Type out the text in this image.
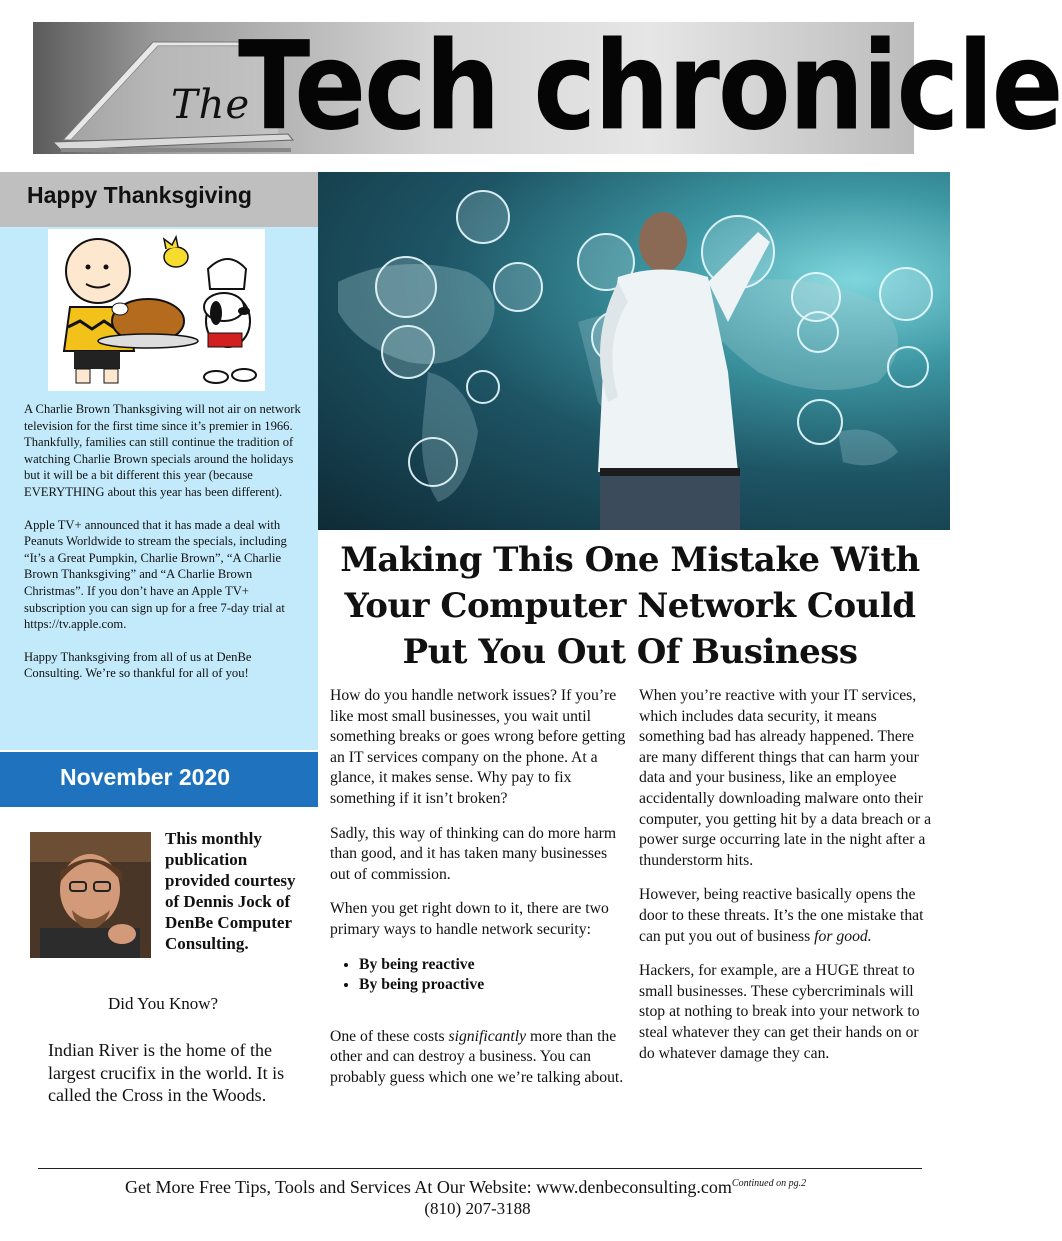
The
Tech chronicle
Happy Thanksgiving

A Charlie Brown Thanksgiving will not air on network television for the first time since it’s premier in 1966. Thankfully, families can still continue the tradition of watching Charlie Brown specials around the holidays but it will be a bit different this year (because EVERYTHING about this year has been different).

Apple TV+ announced that it has made a deal with Peanuts Worldwide to stream the specials, including “It’s a Great Pumpkin, Charlie Brown”, “A Charlie Brown Thanksgiving” and “A Charlie Brown Christmas”. If you don’t have an Apple TV+ subscription you can sign up for a free 7-day trial at https://tv.apple.com.

Happy Thanksgiving from all of us at DenBe Consulting. We’re so thankful for all of you!

November 2020
This monthly publication provided courtesy of Dennis Jock of DenBe Computer Consulting.
Did You Know?
Indian River is the home of the largest crucifix in the world. It is called the Cross in the Woods.
Making This One Mistake With Your Computer Network Could Put You Out Of Business

How do you handle network issues? If you’re like most small businesses, you wait until something breaks or goes wrong before getting an IT services company on the phone. At a glance, it makes sense. Why pay to fix something if it isn’t broken?

Sadly, this way of thinking can do more harm than good, and it has taken many businesses out of commission.

When you get right down to it, there are two primary ways to handle network security:

• By being reactive
• By being proactive

One of these costs significantly more than the other and can destroy a business. You can probably guess which one we’re talking about.

When you’re reactive with your IT services, which includes data security, it means something bad has already happened. There are many different things that can harm your data and your business, like an employee accidentally downloading malware onto their computer, you getting hit by a data breach or a power surge occurring late in the night after a thunderstorm hits.

However, being reactive basically opens the door to these threats. It’s the one mistake that can put you out of business for good.

Hackers, for example, are a HUGE threat to small businesses. These cybercriminals will stop at nothing to break into your network to steal whatever they can get their hands on or do whatever damage they can.

Get More Free Tips, Tools and Services At Our Website: www.denbeconsulting.com$^{Continued on pg.2}$
(810) 207-3188
